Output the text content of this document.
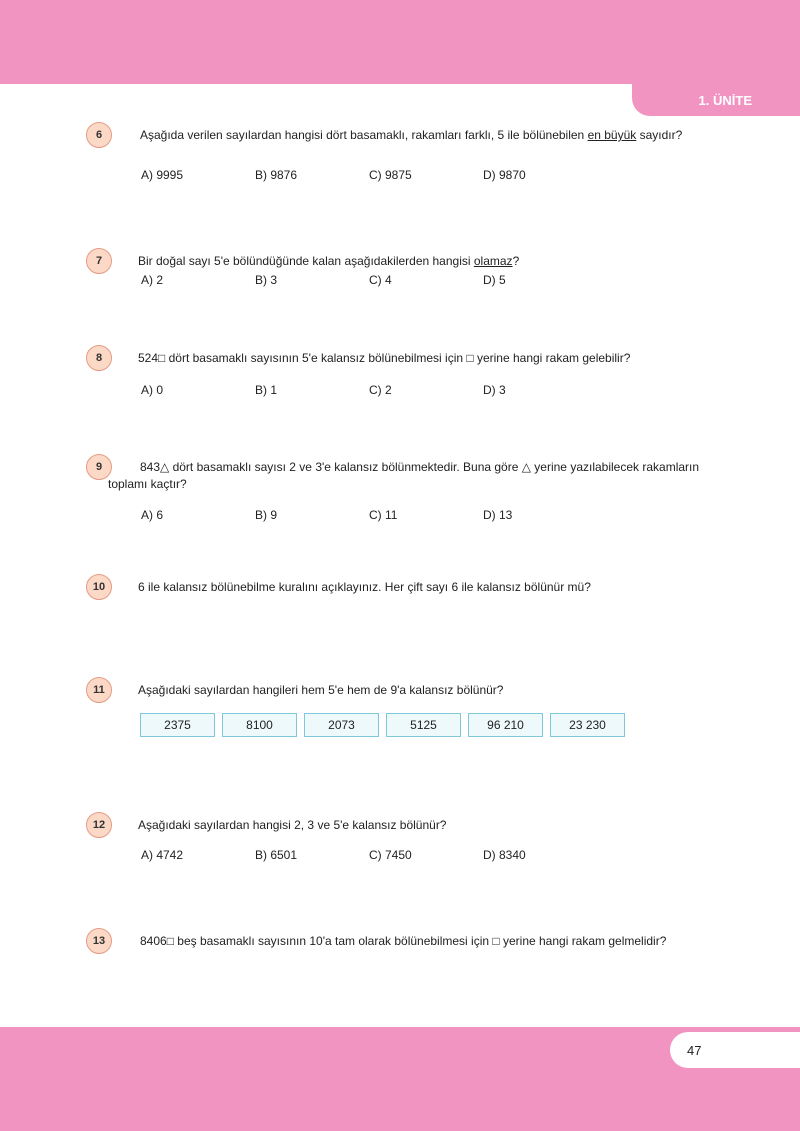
1. ÜNİTE
6	Aşağıda verilen sayılardan hangisi dört basamaklı, rakamları farklı, 5 ile bölünebilen en büyük sayıdır?
A) 9995	B) 9876	C) 9875	D) 9870
7	Bir doğal sayı 5'e bölündüğünde kalan aşağıdakilerden hangisi olamaz?
A) 2	B) 3	C) 4	D) 5
8	524□ dört basamaklı sayısının 5'e kalansız bölünebilmesi için □ yerine hangi rakam gelebilir?
A) 0	B) 1	C) 2	D) 3
9	843△ dört basamaklı sayısı 2 ve 3'e kalansız bölünmektedir. Buna göre △ yerine yazılabilecek rakamların toplamı kaçtır?
A) 6	B) 9	C) 11	D) 13
10	6 ile kalansız bölünebilme kuralını açıklayınız. Her çift sayı 6 ile kalansız bölünür mü?
11	Aşağıdaki sayılardan hangileri hem 5'e hem de 9'a kalansız bölünür?
2375	8100	2073	5125	96 210	23 230
12	Aşağıdaki sayılardan hangisi 2, 3 ve 5'e kalansız bölünür?
A) 4742	B) 6501	C) 7450	D) 8340
13	8406□ beş basamaklı sayısının 10'a tam olarak bölünebilmesi için □ yerine hangi rakam gelmelidir?
47
